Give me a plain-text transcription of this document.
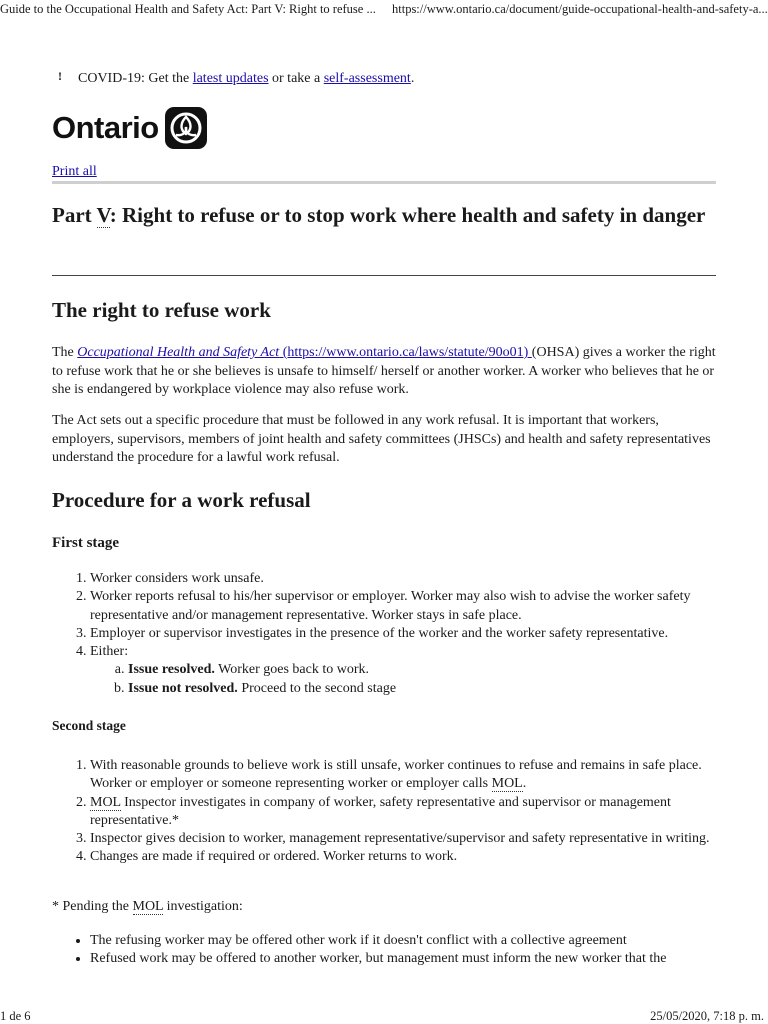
Guide to the Occupational Health and Safety Act: Part V: Right to refuse ... https://www.ontario.ca/document/guide-occupational-health-and-safety-a...
! COVID-19: Get the latest updates or take a self-assessment.
Ontario
Print all
Part V: Right to refuse or to stop work where health and safety in danger
The right to refuse work

The Occupational Health and Safety Act (https://www.ontario.ca/laws/statute/90o01) (OHSA) gives a worker the right to refuse work that he or she believes is unsafe to himself/ herself or another worker. A worker who believes that he or she is endangered by workplace violence may also refuse work.

The Act sets out a specific procedure that must be followed in any work refusal. It is important that workers, employers, supervisors, members of joint health and safety committees (JHSCs) and health and safety representatives understand the procedure for a lawful work refusal.

Procedure for a work refusal
First stage
1. Worker considers work unsafe.
2. Worker reports refusal to his/her supervisor or employer. Worker may also wish to advise the worker safety representative and/or management representative. Worker stays in safe place.
3. Employer or supervisor investigates in the presence of the worker and the worker safety representative.
4. Either:
a. Issue resolved. Worker goes back to work.
b. Issue not resolved. Proceed to the second stage
Second stage
1. With reasonable grounds to believe work is still unsafe, worker continues to refuse and remains in safe place. Worker or employer or someone representing worker or employer calls MOL.
2. MOL Inspector investigates in company of worker, safety representative and supervisor or management representative.*
3. Inspector gives decision to worker, management representative/supervisor and safety representative in writing.
4. Changes are made if required or ordered. Worker returns to work.
* Pending the MOL investigation:
• The refusing worker may be offered other work if it doesn't conflict with a collective agreement
• Refused work may be offered to another worker, but management must inform the new worker that the
1 de 6	25/05/2020, 7:18 p. m.
